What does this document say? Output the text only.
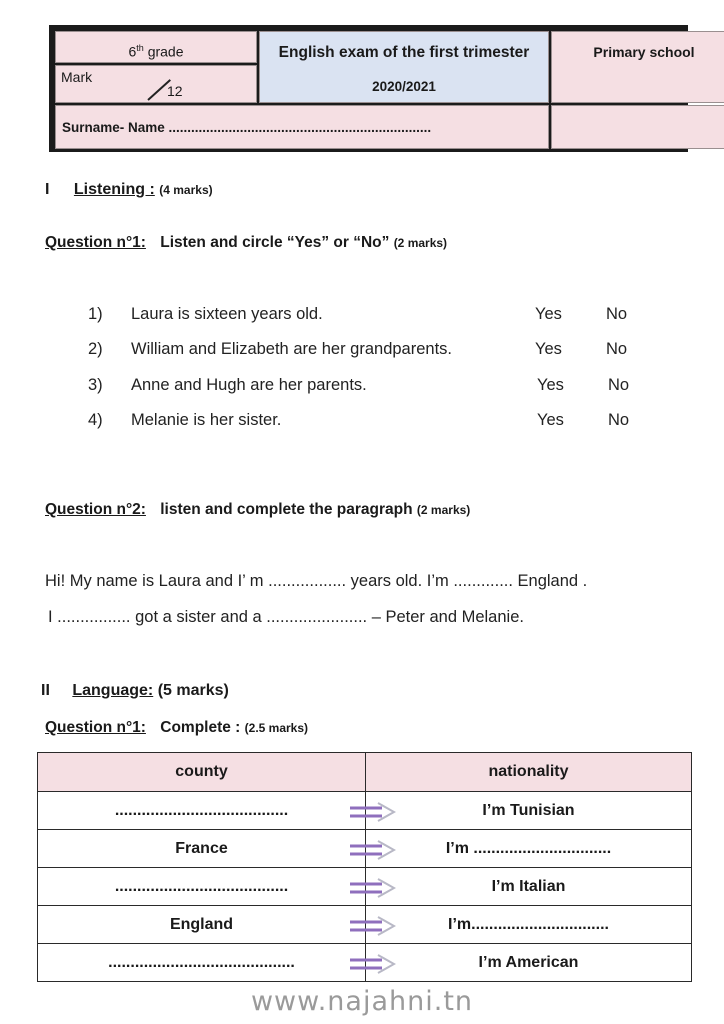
6th grade
Mark
12
English exam of the first trimester
2020/2021
Primary school
Surname- Name ......................................................................
I Listening : (4 marks)
Question n°1: Listen and circle “Yes” or “No” (2 marks)
1) Laura is sixteen years old.	Yes	No
2) William and Elizabeth are her grandparents.	Yes	No
3) Anne and Hugh are her parents.	Yes	No
4) Melanie is her sister.	Yes	No
Question n°2: listen and complete the paragraph (2 marks)
Hi! My name is Laura and I’ m ................. years old. I’m ............. England .
I ................ got a sister and a ...................... – Peter and Melanie.
II Language: (5 marks)
Question n°1: Complete : (2.5 marks)
county	nationality
.......................................	I’m Tunisian
France	I’m ...............................
.......................................	I’m Italian
England	I’m...............................
..........................................	I’m American
www.najahni.tn
